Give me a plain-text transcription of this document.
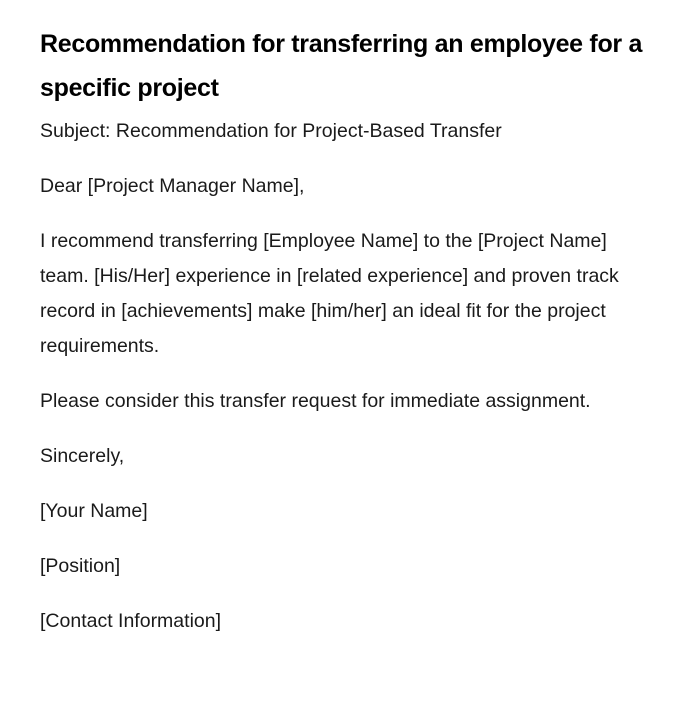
Recommendation for transferring an employee for a specific project

Subject: Recommendation for Project-Based Transfer

Dear [Project Manager Name],

I recommend transferring [Employee Name] to the [Project Name] team. [His/Her] experience in [related experience] and proven track record in [achievements] make [him/her] an ideal fit for the project requirements.

Please consider this transfer request for immediate assignment.

Sincerely,

[Your Name]

[Position]

[Contact Information]
